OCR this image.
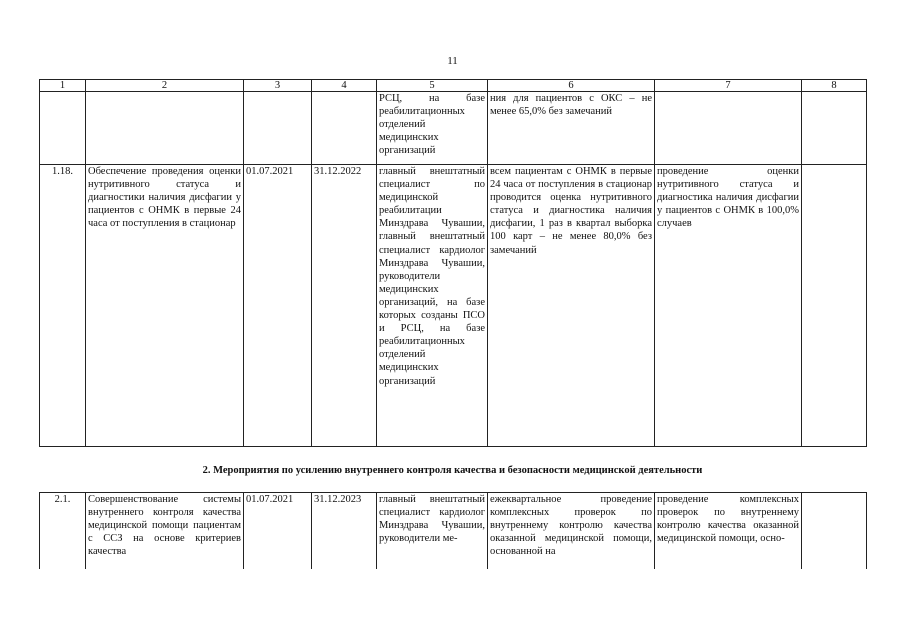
11
1	2	3	4	5	6	7	8
				РСЦ, на базе реабилитационных отделений медицинских организаций	ния для пациентов с ОКС – не менее 65,0% без замечаний		
1.18.	Обеспечение проведения оценки нутритивного статуса и диагностики наличия дисфагии у пациентов с ОНМК в первые 24 часа от поступления в стационар	01.07.2021	31.12.2022	главный внештатный специалист по медицинской реабилитации Минздрава Чувашии, главный внештатный специалист кардиолог Минздрава Чувашии, руководители медицинских организаций, на базе которых созданы ПСО и РСЦ, на базе реабилитационных отделений медицинских организаций	всем пациентам с ОНМК в первые 24 часа от поступления в стационар проводится оценка нутритивного статуса и диагностика наличия дисфагии, 1 раз в квартал выборка 100 карт – не менее 80,0% без замечаний	проведение оценки нутритивного статуса и диагностика наличия дисфагии у пациентов с ОНМК в 100,0% случаев	
2. Мероприятия по усилению внутреннего контроля качества и безопасности медицинской деятельности
2.1.	Совершенствование системы внутреннего контроля качества медицинской помощи пациентам с ССЗ на основе критериев качества	01.07.2021	31.12.2023	главный внештатный специалист кардиолог Минздрава Чувашии, руководители ме-	ежеквартальное проведение комплексных проверок по внутреннему контролю качества оказанной медицинской помощи, основанной на	проведение комплексных проверок по внутреннему контролю качества оказанной медицинской помощи, осно-	
